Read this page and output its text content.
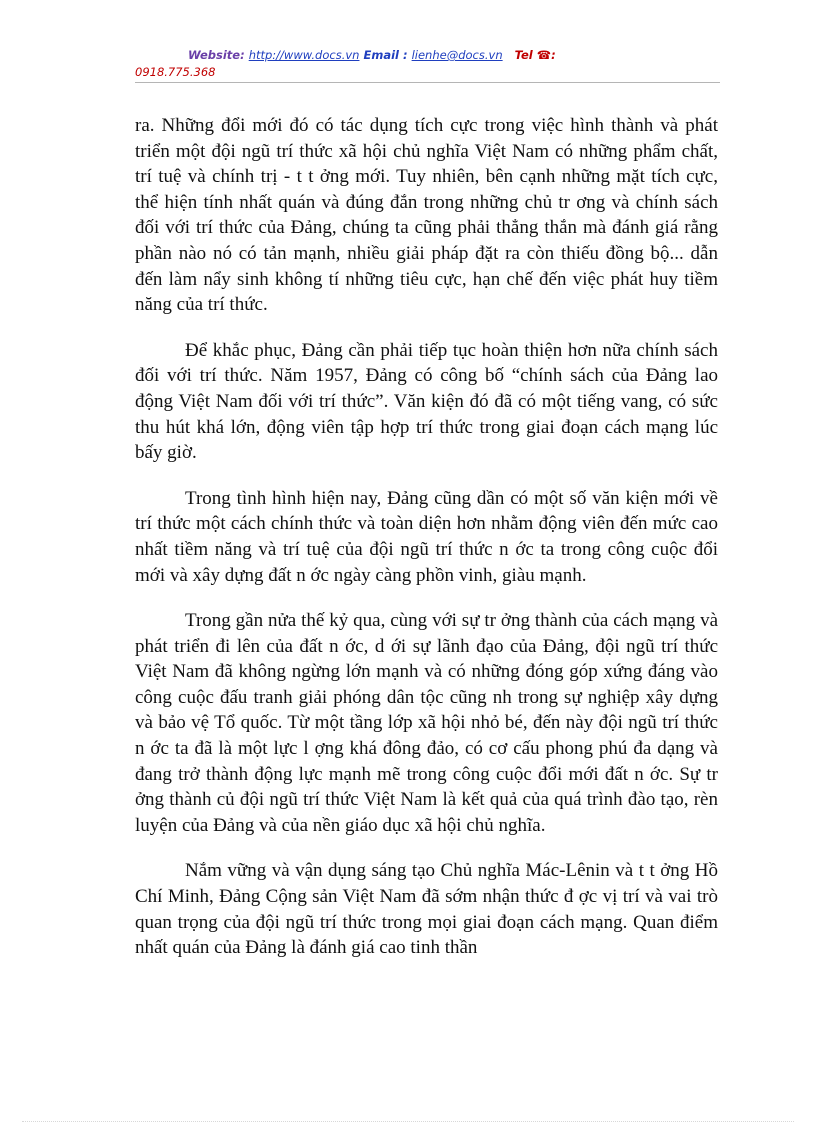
Website: http://www.docs.vn Email : lienhe@docs.vn Tel ☎:
0918.775.368

ra. Những đổi mới đó có tác dụng tích cực trong việc hình thành và phát triển một đội ngũ trí thức xã hội chủ nghĩa Việt Nam có những phẩm chất, trí tuệ và chính trị - t t ởng mới. Tuy nhiên, bên cạnh những mặt tích cực, thể hiện tính nhất quán và đúng đắn trong những chủ tr ơng và chính sách đối với trí thức của Đảng, chúng ta cũng phải thẳng thắn mà đánh giá rằng phần nào nó có tản mạnh, nhiều giải pháp đặt ra còn thiếu đồng bộ... dẫn đến làm nẩy sinh không tí những tiêu cực, hạn chế đến việc phát huy tiềm năng của trí thức.

Để khắc phục, Đảng cần phải tiếp tục hoàn thiện hơn nữa chính sách đối với trí thức. Năm 1957, Đảng có công bố “chính sách của Đảng lao động Việt Nam đối với trí thức”. Văn kiện đó đã có một tiếng vang, có sức thu hút khá lớn, động viên tập hợp trí thức trong giai đoạn cách mạng lúc bấy giờ.

Trong tình hình hiện nay, Đảng cũng dần có một số văn kiện mới về trí thức một cách chính thức và toàn diện hơn nhằm động viên đến mức cao nhất tiềm năng và trí tuệ của đội ngũ trí thức n ớc ta trong công cuộc đổi mới và xây dựng đất n ớc ngày càng phồn vinh, giàu mạnh.

Trong gần nửa thế kỷ qua, cùng với sự tr ởng thành của cách mạng và phát triển đi lên của đất n ớc, d ới sự lãnh đạo của Đảng, đội ngũ trí thức Việt Nam đã không ngừng lớn mạnh và có những đóng góp xứng đáng vào công cuộc đấu tranh giải phóng dân tộc cũng nh trong sự nghiệp xây dựng và bảo vệ Tổ quốc. Từ một tầng lớp xã hội nhỏ bé, đến này đội ngũ trí thức n ớc ta đã là một lực l ợng khá đông đảo, có cơ cấu phong phú đa dạng và đang trở thành động lực mạnh mẽ trong công cuộc đổi mới đất n ớc. Sự tr ởng thành củ đội ngũ trí thức Việt Nam là kết quả của quá trình đào tạo, rèn luyện của Đảng và của nền giáo dục xã hội chủ nghĩa.

Nắm vững và vận dụng sáng tạo Chủ nghĩa Mác-Lênin và t t ởng Hồ Chí Minh, Đảng Cộng sản Việt Nam đã sớm nhận thức đ ợc vị trí và vai trò quan trọng của đội ngũ trí thức trong mọi giai đoạn cách mạng. Quan điểm nhất quán của Đảng là đánh giá cao tinh thần
